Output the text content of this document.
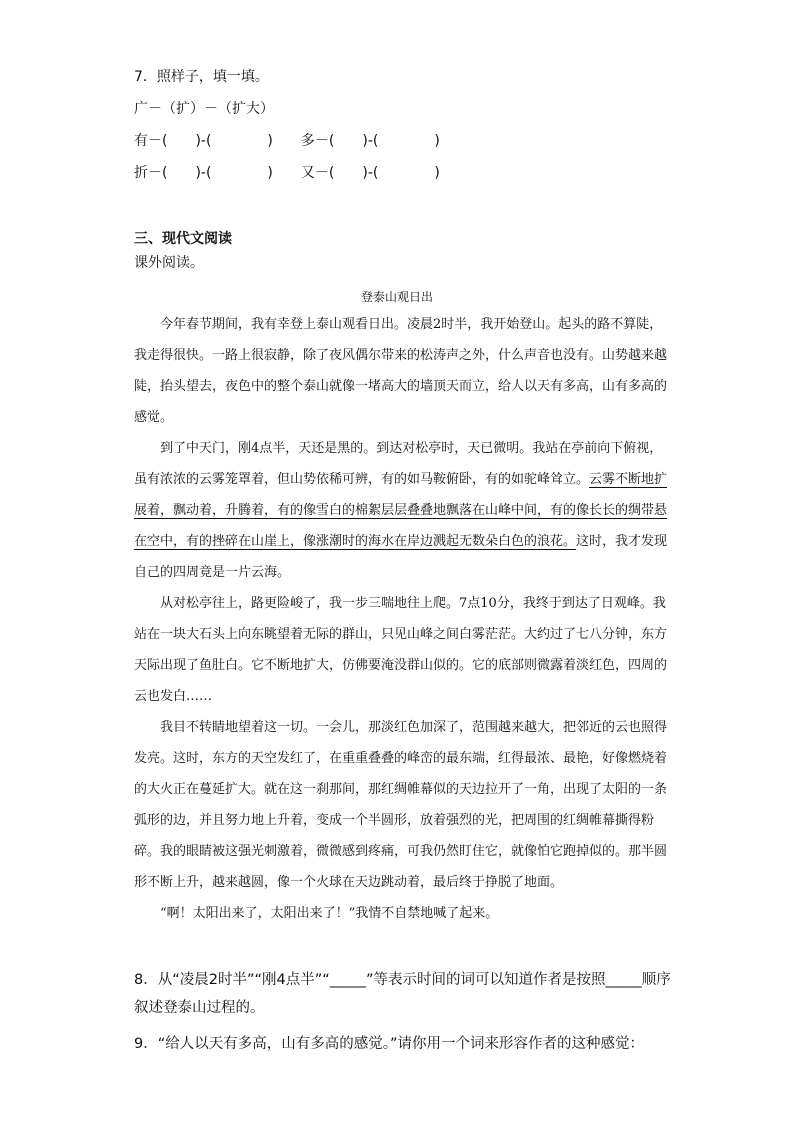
7．照样子，填一填。
广－（扩）－（扩大）
有－(　　)-(　　　　)　　多－(　　)-(　　　　)
折－(　　)-(　　　　)　　又－(　　)-(　　　　)
三、现代文阅读
课外阅读。
登泰山观日出

今年春节期间，我有幸登上泰山观看日出。凌晨2时半，我开始登山。起头的路不算陡，我走得很快。一路上很寂静，除了夜风偶尔带来的松涛声之外，什么声音也没有。山势越来越陡，抬头望去，夜色中的整个泰山就像一堵高大的墙顶天而立，给人以天有多高，山有多高的感觉。

到了中天门，刚4点半，天还是黑的。到达对松亭时，天已微明。我站在亭前向下俯视，虽有浓浓的云雾笼罩着，但山势依稀可辨，有的如马鞍俯卧，有的如驼峰耸立。云雾不断地扩展着，飘动着，升腾着，有的像雪白的棉絮层层叠叠地飘落在山峰中间，有的像长长的绸带悬在空中，有的挫碎在山崖上，像涨潮时的海水在岸边溅起无数朵白色的浪花。这时，我才发现自己的四周竟是一片云海。

从对松亭往上，路更险峻了，我一步三喘地往上爬。7点10分，我终于到达了日观峰。我站在一块大石头上向东眺望着无际的群山，只见山峰之间白雾茫茫。大约过了七八分钟，东方天际出现了鱼肚白。它不断地扩大，仿佛要淹没群山似的。它的底部则微露着淡红色，四周的云也发白……

我目不转睛地望着这一切。一会儿，那淡红色加深了，范围越来越大，把邻近的云也照得发亮。这时，东方的天空发红了，在重重叠叠的峰峦的最东端，红得最浓、最艳，好像燃烧着的大火正在蔓延扩大。就在这一刹那间，那红绸帷幕似的天边拉开了一角，出现了太阳的一条弧形的边，并且努力地上升着，变成一个半圆形，放着强烈的光，把周围的红绸帷幕撕得粉碎。我的眼睛被这强光刺激着，微微感到疼痛，可我仍然盯住它，就像怕它跑掉似的。那半圆形不断上升，越来越圆，像一个火球在天边跳动着，最后终于挣脱了地面。

“啊！太阳出来了，太阳出来了！”我情不自禁地喊了起来。

8．从“凌晨2时半”“刚4点半”“_____”等表示时间的词可以知道作者是按照_____顺序叙述登泰山过程的。
9．“给人以天有多高，山有多高的感觉。”请你用一个词来形容作者的这种感觉：
